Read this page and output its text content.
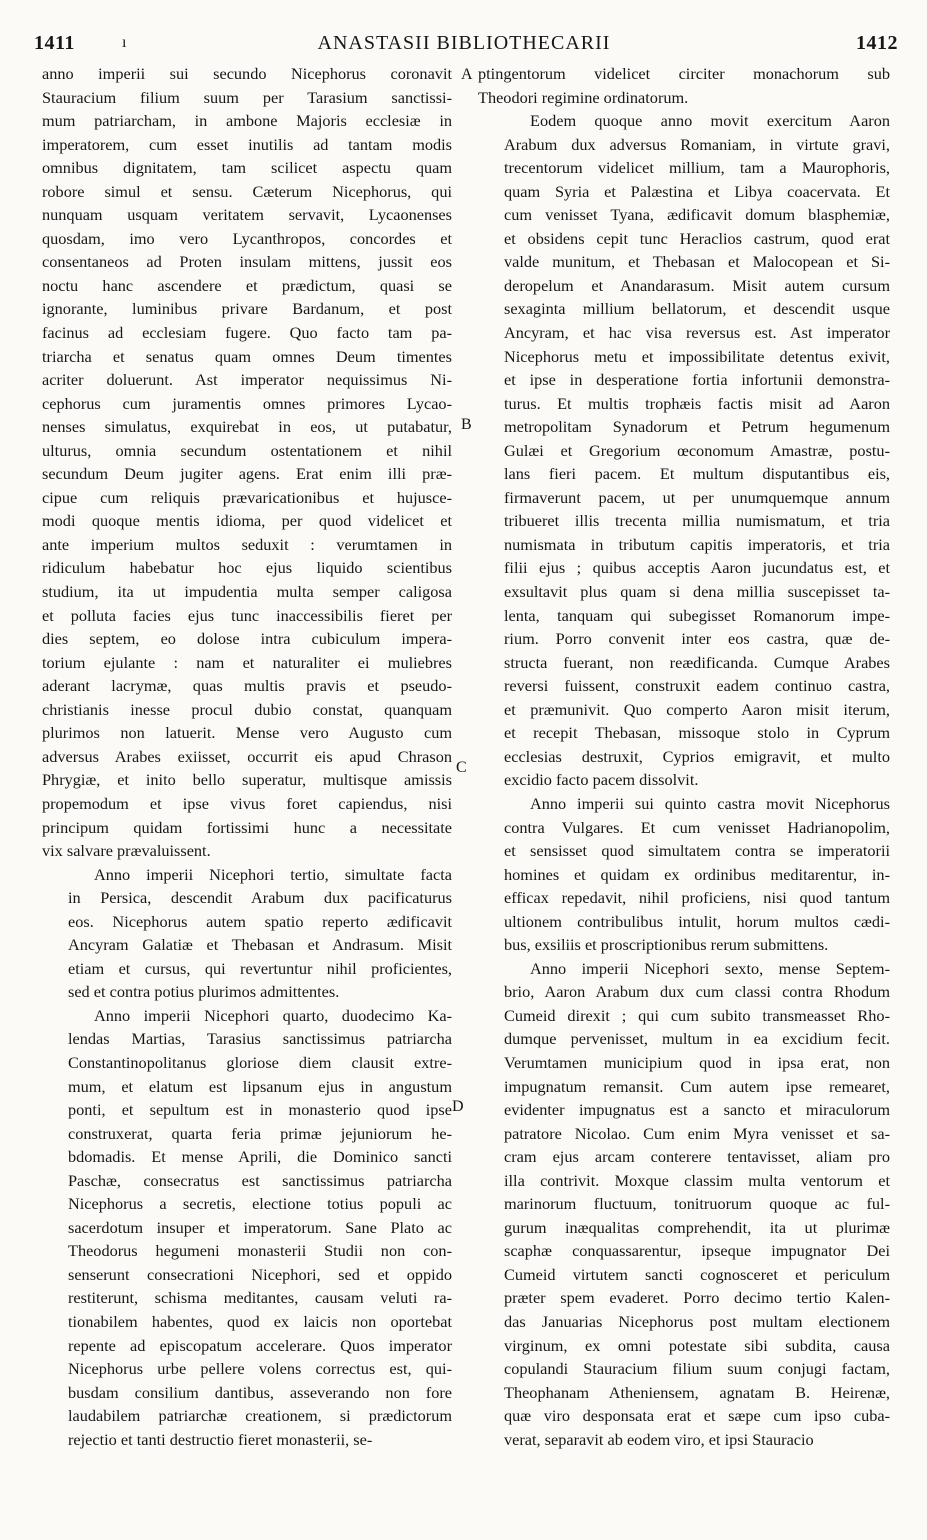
1411	ı	ANASTASII BIBLIOTHECARII	1412

anno imperii sui secundo Nicephorus coronavit
Stauracium filium suum per Tarasium sanctissi-
mum patriarcham, in ambone Majoris ecclesiæ in
imperatorem, cum esset inutilis ad tantam modis
omnibus dignitatem, tam scilicet aspectu quam
robore simul et sensu. Cæterum Nicephorus, qui
nunquam usquam veritatem servavit, Lycaonenses
quosdam, imo vero Lycanthropos, concordes et
consentaneos ad Proten insulam mittens, jussit eos
noctu hanc ascendere et prædictum, quasi se
ignorante, luminibus privare Bardanum, et post
facinus ad ecclesiam fugere. Quo facto tam pa-
triarcha et senatus quam omnes Deum timentes
acriter doluerunt. Ast imperator nequissimus Ni-
cephorus cum juramentis omnes primores Lycao-
nenses simulatus, exquirebat in eos, ut putabatur,
ulturus, omnia secundum ostentationem et nihil
secundum Deum jugiter agens. Erat enim illi præ-
cipue cum reliquis prævaricationibus et hujusce-
modi quoque mentis idioma, per quod videlicet et
ante imperium multos seduxit : verumtamen in
ridiculum habebatur hoc ejus liquido scientibus
studium, ita ut impudentia multa semper caligosa
et polluta facies ejus tunc inaccessibilis fieret per
dies septem, eo dolose intra cubiculum impera-
torium ejulante : nam et naturaliter ei muliebres
aderant lacrymæ, quas multis pravis et pseudo-
christianis inesse procul dubio constat, quanquam
plurimos non latuerit. Mense vero Augusto cum
adversus Arabes exiisset, occurrit eis apud Chrason
Phrygiæ, et inito bello superatur, multisque amissis
propemodum et ipse vivus foret capiendus, nisi
principum quidam fortissimi hunc a necessitate
vix salvare prævaluissent.

Anno imperii Nicephori tertio, simultate facta
in Persica, descendit Arabum dux pacificaturus
eos. Nicephorus autem spatio reperto ædificavit
Ancyram Galatiæ et Thebasan et Andrasum. Misit
etiam et cursus, qui revertuntur nihil proficientes,
sed et contra potius plurimos admittentes.

Anno imperii Nicephori quarto, duodecimo Ka-
lendas Martias, Tarasius sanctissimus patriarcha
Constantinopolitanus gloriose diem clausit extre-
mum, et elatum est lipsanum ejus in angustum
ponti, et sepultum est in monasterio quod ipse
construxerat, quarta feria primæ jejuniorum he-
bdomadis. Et mense Aprili, die Dominico sancti
Paschæ, consecratus est sanctissimus patriarcha
Nicephorus a secretis, electione totius populi ac
sacerdotum insuper et imperatorum. Sane Plato ac
Theodorus hegumeni monasterii Studii non con-
senserunt consecrationi Nicephori, sed et oppido
restiterunt, schisma meditantes, causam veluti ra-
tionabilem habentes, quod ex laicis non oportebat
repente ad episcopatum accelerare. Quos imperator
Nicephorus urbe pellere volens correctus est, qui-
busdam consilium dantibus, asseverando non fore
laudabilem patriarchæ creationem, si prædictorum
rejectio et tanti destructio fieret monasterii, se-

ptingentorum videlicet circiter monachorum sub
Theodori regimine ordinatorum.

Eodem quoque anno movit exercitum Aaron
Arabum dux adversus Romaniam, in virtute gravi,
trecentorum videlicet millium, tam a Maurophoris,
quam Syria et Palæstina et Libya coacervata. Et
cum venisset Tyana, ædificavit domum blasphemiæ,
et obsidens cepit tunc Heraclios castrum, quod erat
valde munitum, et Thebasan et Malocopean et Si-
deropelum et Anandarasum. Misit autem cursum
sexaginta millium bellatorum, et descendit usque
Ancyram, et hac visa reversus est. Ast imperator
Nicephorus metu et impossibilitate detentus exivit,
et ipse in desperatione fortia infortunii demonstra-
turus. Et multis trophæis factis misit ad Aaron
metropolitam Synadorum et Petrum hegumenum
Gulæi et Gregorium œconomum Amastræ, postu-
lans fieri pacem. Et multum disputantibus eis,
firmaverunt pacem, ut per unumquemque annum
tribueret illis trecenta millia numismatum, et tria
numismata in tributum capitis imperatoris, et tria
filii ejus ; quibus acceptis Aaron jucundatus est, et
exsultavit plus quam si dena millia suscepisset ta-
lenta, tanquam qui subegisset Romanorum impe-
rium. Porro convenit inter eos castra, quæ de-
structa fuerant, non reædificanda. Cumque Arabes
reversi fuissent, construxit eadem continuo castra,
et præmunivit. Quo comperto Aaron misit iterum,
et recepit Thebasan, missoque stolo in Cyprum
ecclesias destruxit, Cyprios emigravit, et multo
excidio facto pacem dissolvit.

Anno imperii sui quinto castra movit Nicephorus
contra Vulgares. Et cum venisset Hadrianopolim,
et sensisset quod simultatem contra se imperatorii
homines et quidam ex ordinibus meditarentur, in-
efficax repedavit, nihil proficiens, nisi quod tantum
ultionem contribulibus intulit, horum multos cædi-
bus, exsiliis et proscriptionibus rerum submittens.

Anno imperii Nicephori sexto, mense Septem-
brio, Aaron Arabum dux cum classi contra Rhodum
Cumeid direxit ; qui cum subito transmeasset Rho-
dumque pervenisset, multum in ea excidium fecit.
Verumtamen municipium quod in ipsa erat, non
impugnatum remansit. Cum autem ipse remearet,
evidenter impugnatus est a sancto et miraculorum
patratore Nicolao. Cum enim Myra venisset et sa-
cram ejus arcam conterere tentavisset, aliam pro
illa contrivit. Moxque classim multa ventorum et
marinorum fluctuum, tonitruorum quoque ac ful-
gurum inæqualitas comprehendit, ita ut plurimæ
scaphæ conquassarentur, ipseque impugnator Dei
Cumeid virtutem sancti cognosceret et periculum
præter spem evaderet. Porro decimo tertio Kalen-
das Januarias Nicephorus post multam electionem
virginum, ex omni potestate sibi subdita, causa
copulandi Stauracium filium suum conjugi factam,
Theophanam Atheniensem, agnatam B. Heirenæ,
quæ viro desponsata erat et sæpe cum ipso cuba-
verat, separavit ab eodem viro, et ipsi Stauracio

A
B
C
D
